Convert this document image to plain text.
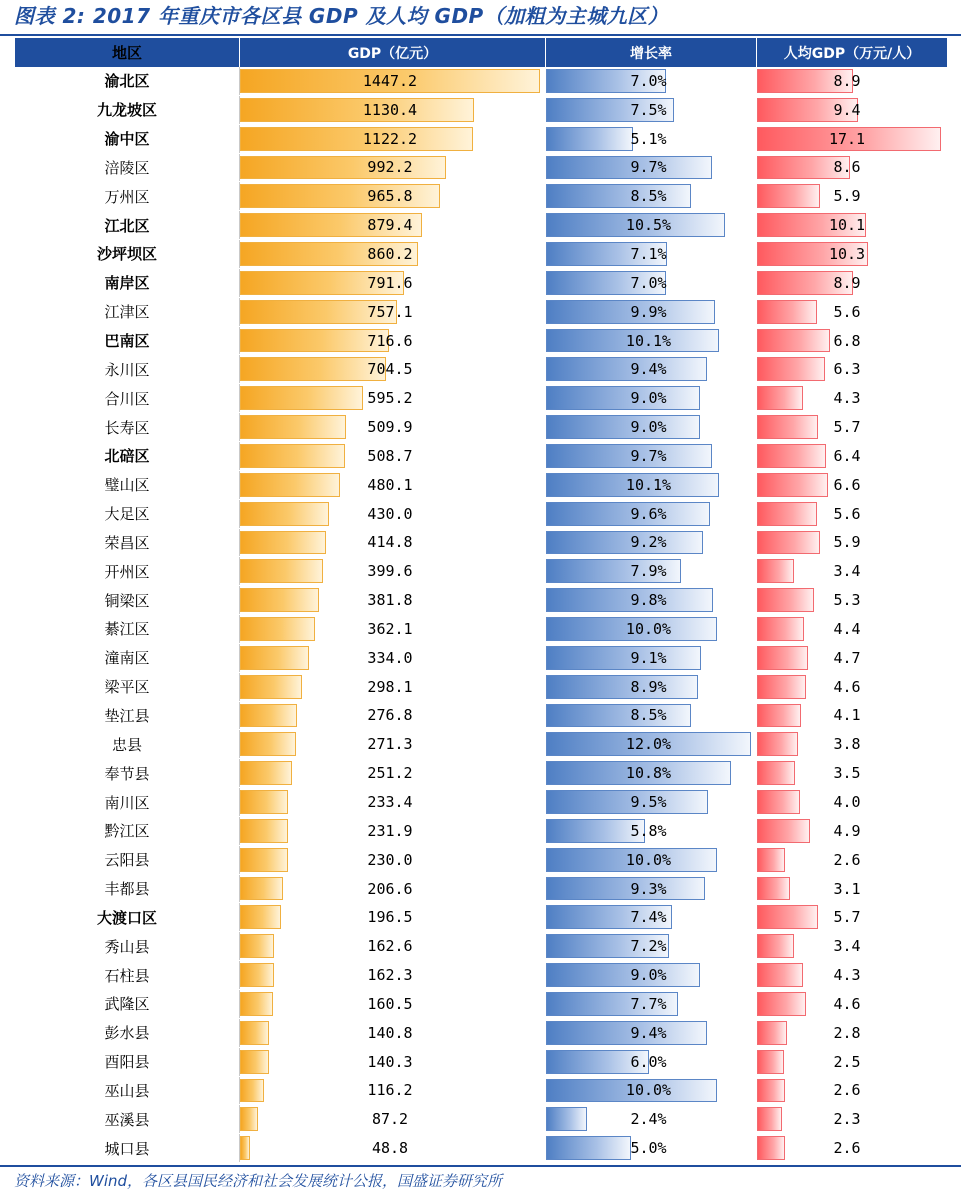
图表 2: 2017 年重庆市各区县 GDP 及人均 GDP（加粗为主城九区）
地区	GDP（亿元）	增长率	人均GDP（万元/人）
渝北区	1447.2	7.0%	8.9
九龙坡区	1130.4	7.5%	9.4
渝中区	1122.2	5.1%	17.1
涪陵区	992.2	9.7%	8.6
万州区	965.8	8.5%	5.9
江北区	879.4	10.5%	10.1
沙坪坝区	860.2	7.1%	10.3
南岸区	791.6	7.0%	8.9
江津区	757.1	9.9%	5.6
巴南区	716.6	10.1%	6.8
永川区	704.5	9.4%	6.3
合川区	595.2	9.0%	4.3
长寿区	509.9	9.0%	5.7
北碚区	508.7	9.7%	6.4
璧山区	480.1	10.1%	6.6
大足区	430.0	9.6%	5.6
荣昌区	414.8	9.2%	5.9
开州区	399.6	7.9%	3.4
铜梁区	381.8	9.8%	5.3
綦江区	362.1	10.0%	4.4
潼南区	334.0	9.1%	4.7
梁平区	298.1	8.9%	4.6
垫江县	276.8	8.5%	4.1
忠县	271.3	12.0%	3.8
奉节县	251.2	10.8%	3.5
南川区	233.4	9.5%	4.0
黔江区	231.9	5.8%	4.9
云阳县	230.0	10.0%	2.6
丰都县	206.6	9.3%	3.1
大渡口区	196.5	7.4%	5.7
秀山县	162.6	7.2%	3.4
石柱县	162.3	9.0%	4.3
武隆区	160.5	7.7%	4.6
彭水县	140.8	9.4%	2.8
酉阳县	140.3	6.0%	2.5
巫山县	116.2	10.0%	2.6
巫溪县	87.2	2.4%	2.3
城口县	48.8	5.0%	2.6
资料来源：Wind，各区县国民经济和社会发展统计公报，国盛证券研究所
